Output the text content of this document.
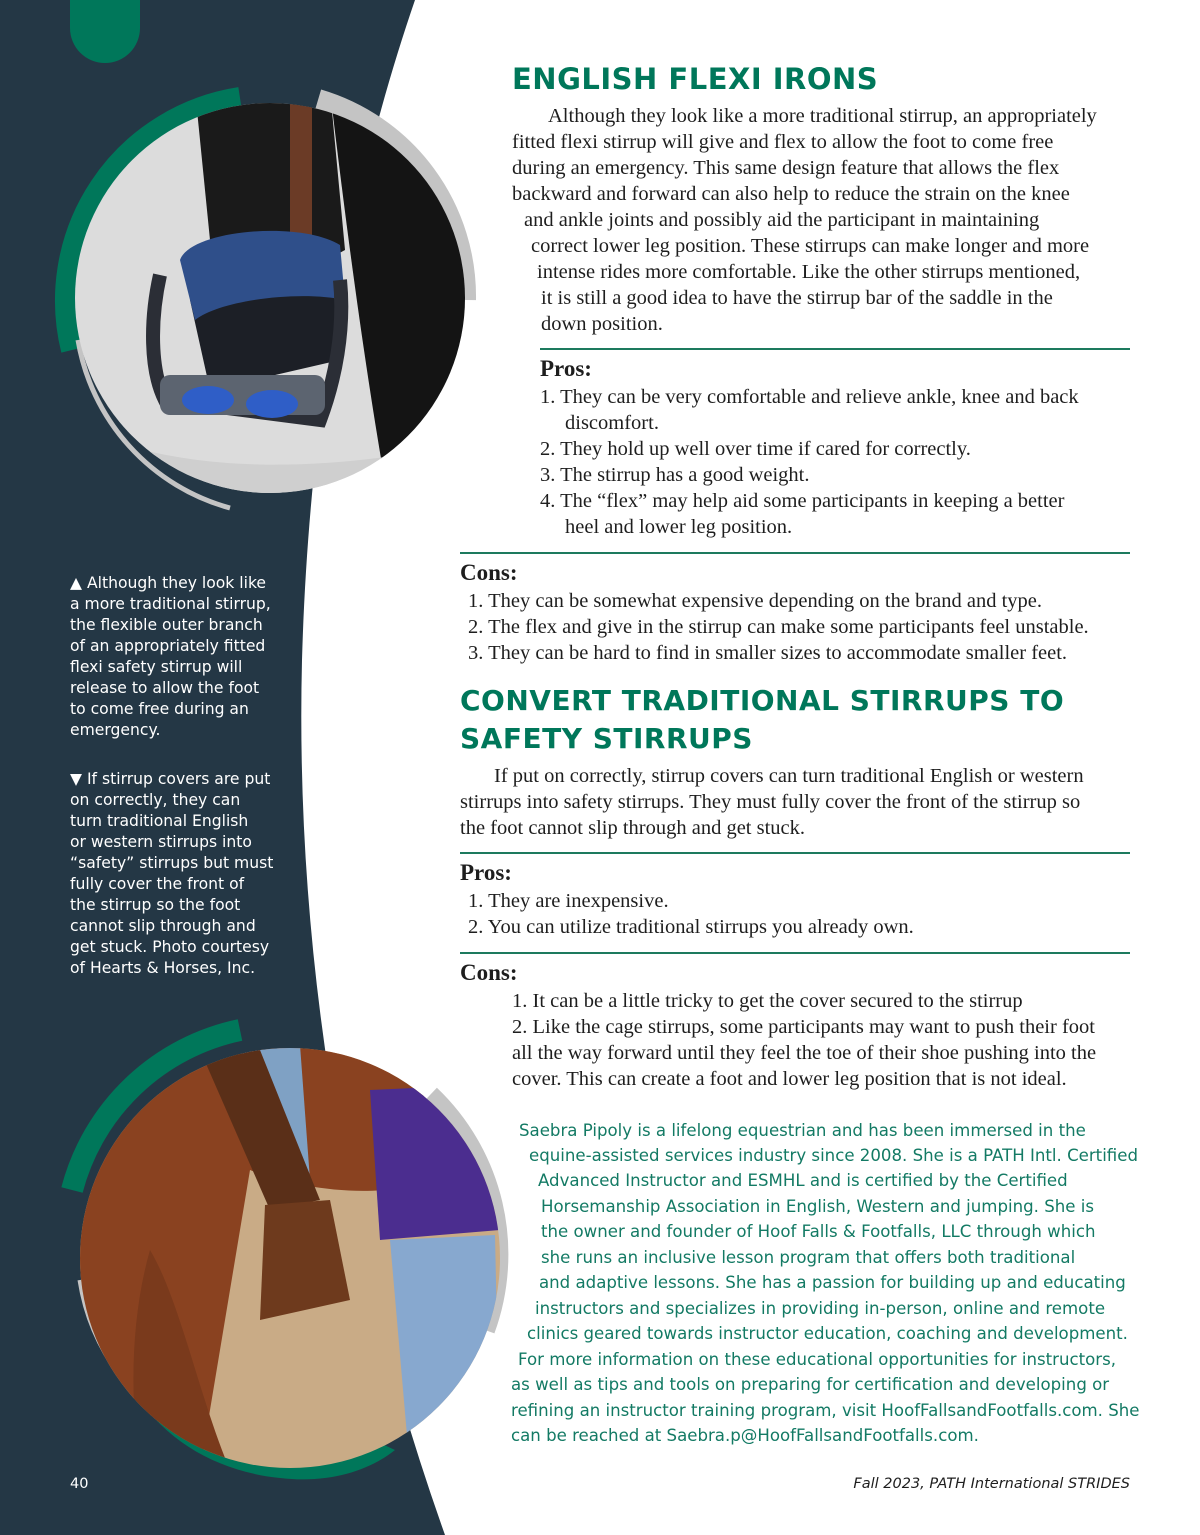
ENGLISH FLEXI IRONS
Although they look like a more traditional stirrup, an appropriately
fitted flexi stirrup will give and flex to allow the foot to come free
during an emergency. This same design feature that allows the flex
backward and forward can also help to reduce the strain on the knee
and ankle joints and possibly aid the participant in maintaining
correct lower leg position. These stirrups can make longer and more
intense rides more comfortable. Like the other stirrups mentioned,
it is still a good idea to have the stirrup bar of the saddle in the
down position.
Pros:
1. They can be very comfortable and relieve ankle, knee and back
discomfort.
2. They hold up well over time if cared for correctly.
3. The stirrup has a good weight.
4. The “flex” may help aid some participants in keeping a better
heel and lower leg position.
Cons:
1. They can be somewhat expensive depending on the brand and type.
2. The flex and give in the stirrup can make some participants feel unstable.
3. They can be hard to find in smaller sizes to accommodate smaller feet.
CONVERT TRADITIONAL STIRRUPS TO
SAFETY STIRRUPS
If put on correctly, stirrup covers can turn traditional English or western
stirrups into safety stirrups. They must fully cover the front of the stirrup so
the foot cannot slip through and get stuck.
Pros:
1. They are inexpensive.
2. You can utilize traditional stirrups you already own.
Cons:
1. It can be a little tricky to get the cover secured to the stirrup
2. Like the cage stirrups, some participants may want to push their foot
all the way forward until they feel the toe of their shoe pushing into the
cover. This can create a foot and lower leg position that is not ideal.
▲ Although they look like
a more traditional stirrup,
the flexible outer branch
of an appropriately fitted
flexi safety stirrup will
release to allow the foot
to come free during an
emergency.
▼ If stirrup covers are put
on correctly, they can
turn traditional English
or western stirrups into
“safety” stirrups but must
fully cover the front of
the stirrup so the foot
cannot slip through and
get stuck. Photo courtesy
of Hearts & Horses, Inc.
Saebra Pipoly is a lifelong equestrian and has been immersed in the
equine-assisted services industry since 2008. She is a PATH Intl. Certified
Advanced Instructor and ESMHL and is certified by the Certified
Horsemanship Association in English, Western and jumping. She is
the owner and founder of Hoof Falls & Footfalls, LLC through which
she runs an inclusive lesson program that offers both traditional
and adaptive lessons. She has a passion for building up and educating
instructors and specializes in providing in-person, online and remote
clinics geared towards instructor education, coaching and development.
For more information on these educational opportunities for instructors,
as well as tips and tools on preparing for certification and developing or
refining an instructor training program, visit HoofFallsandFootfalls.com. She
can be reached at Saebra.p@HoofFallsandFootfalls.com.
40	Fall 2023, PATH International STRIDES
